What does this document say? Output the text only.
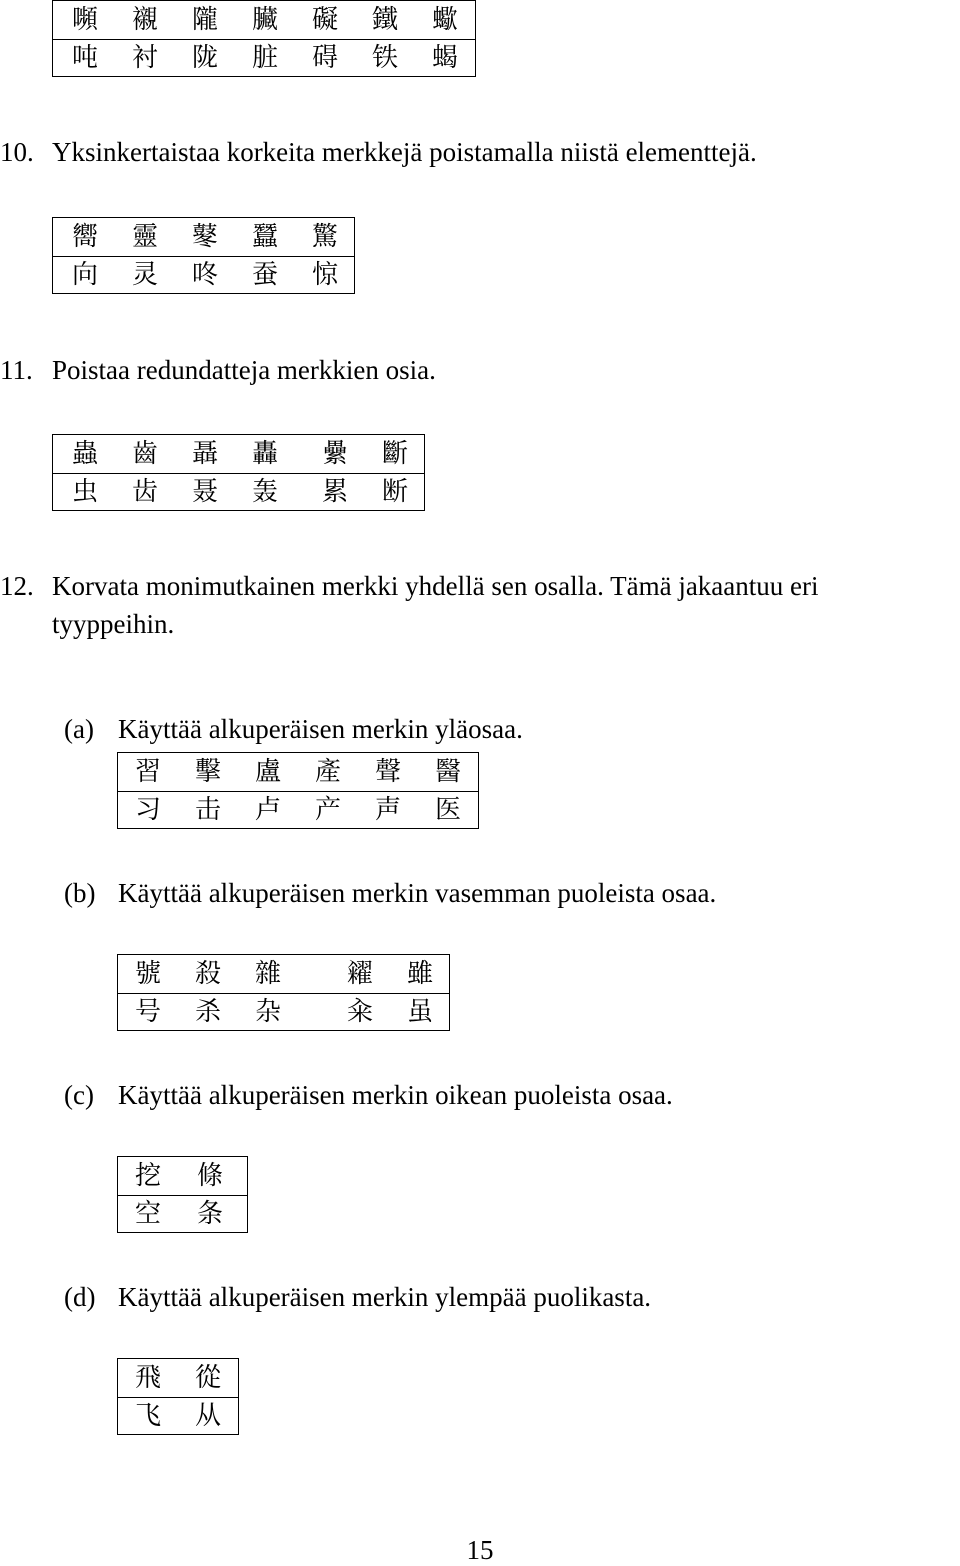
嚬 襯 隴 臟 礙 鐵 蠍
吨 衬 陇 脏 碍 铁 蝎
10. Yksinkertaistaa korkeita merkkejä poistamalla niistä elementtejä.
嚮 靈 鼕 蠶 驚
向 灵 咚 蚕 惊
11. Poistaa redundatteja merkkien osia.
蟲 齒 聶 轟 纍 斷
虫 齿 聂 轰 累 断
12. Korvata monimutkainen merkki yhdellä sen osalla. Tämä jakaantuu eri
tyyppeihin.
(a) Käyttää alkuperäisen merkin yläosaa.
習 擊 盧 產 聲 醫
习 击 卢 产 声 医
(b) Käyttää alkuperäisen merkin vasemman puoleista osaa.
號 殺 雜	糴 雖
号 杀 杂	籴 虽
(c) Käyttää alkuperäisen merkin oikean puoleista osaa.
挖 條
空 条
(d) Käyttää alkuperäisen merkin ylempää puolikasta.
飛 從
飞 从
15
